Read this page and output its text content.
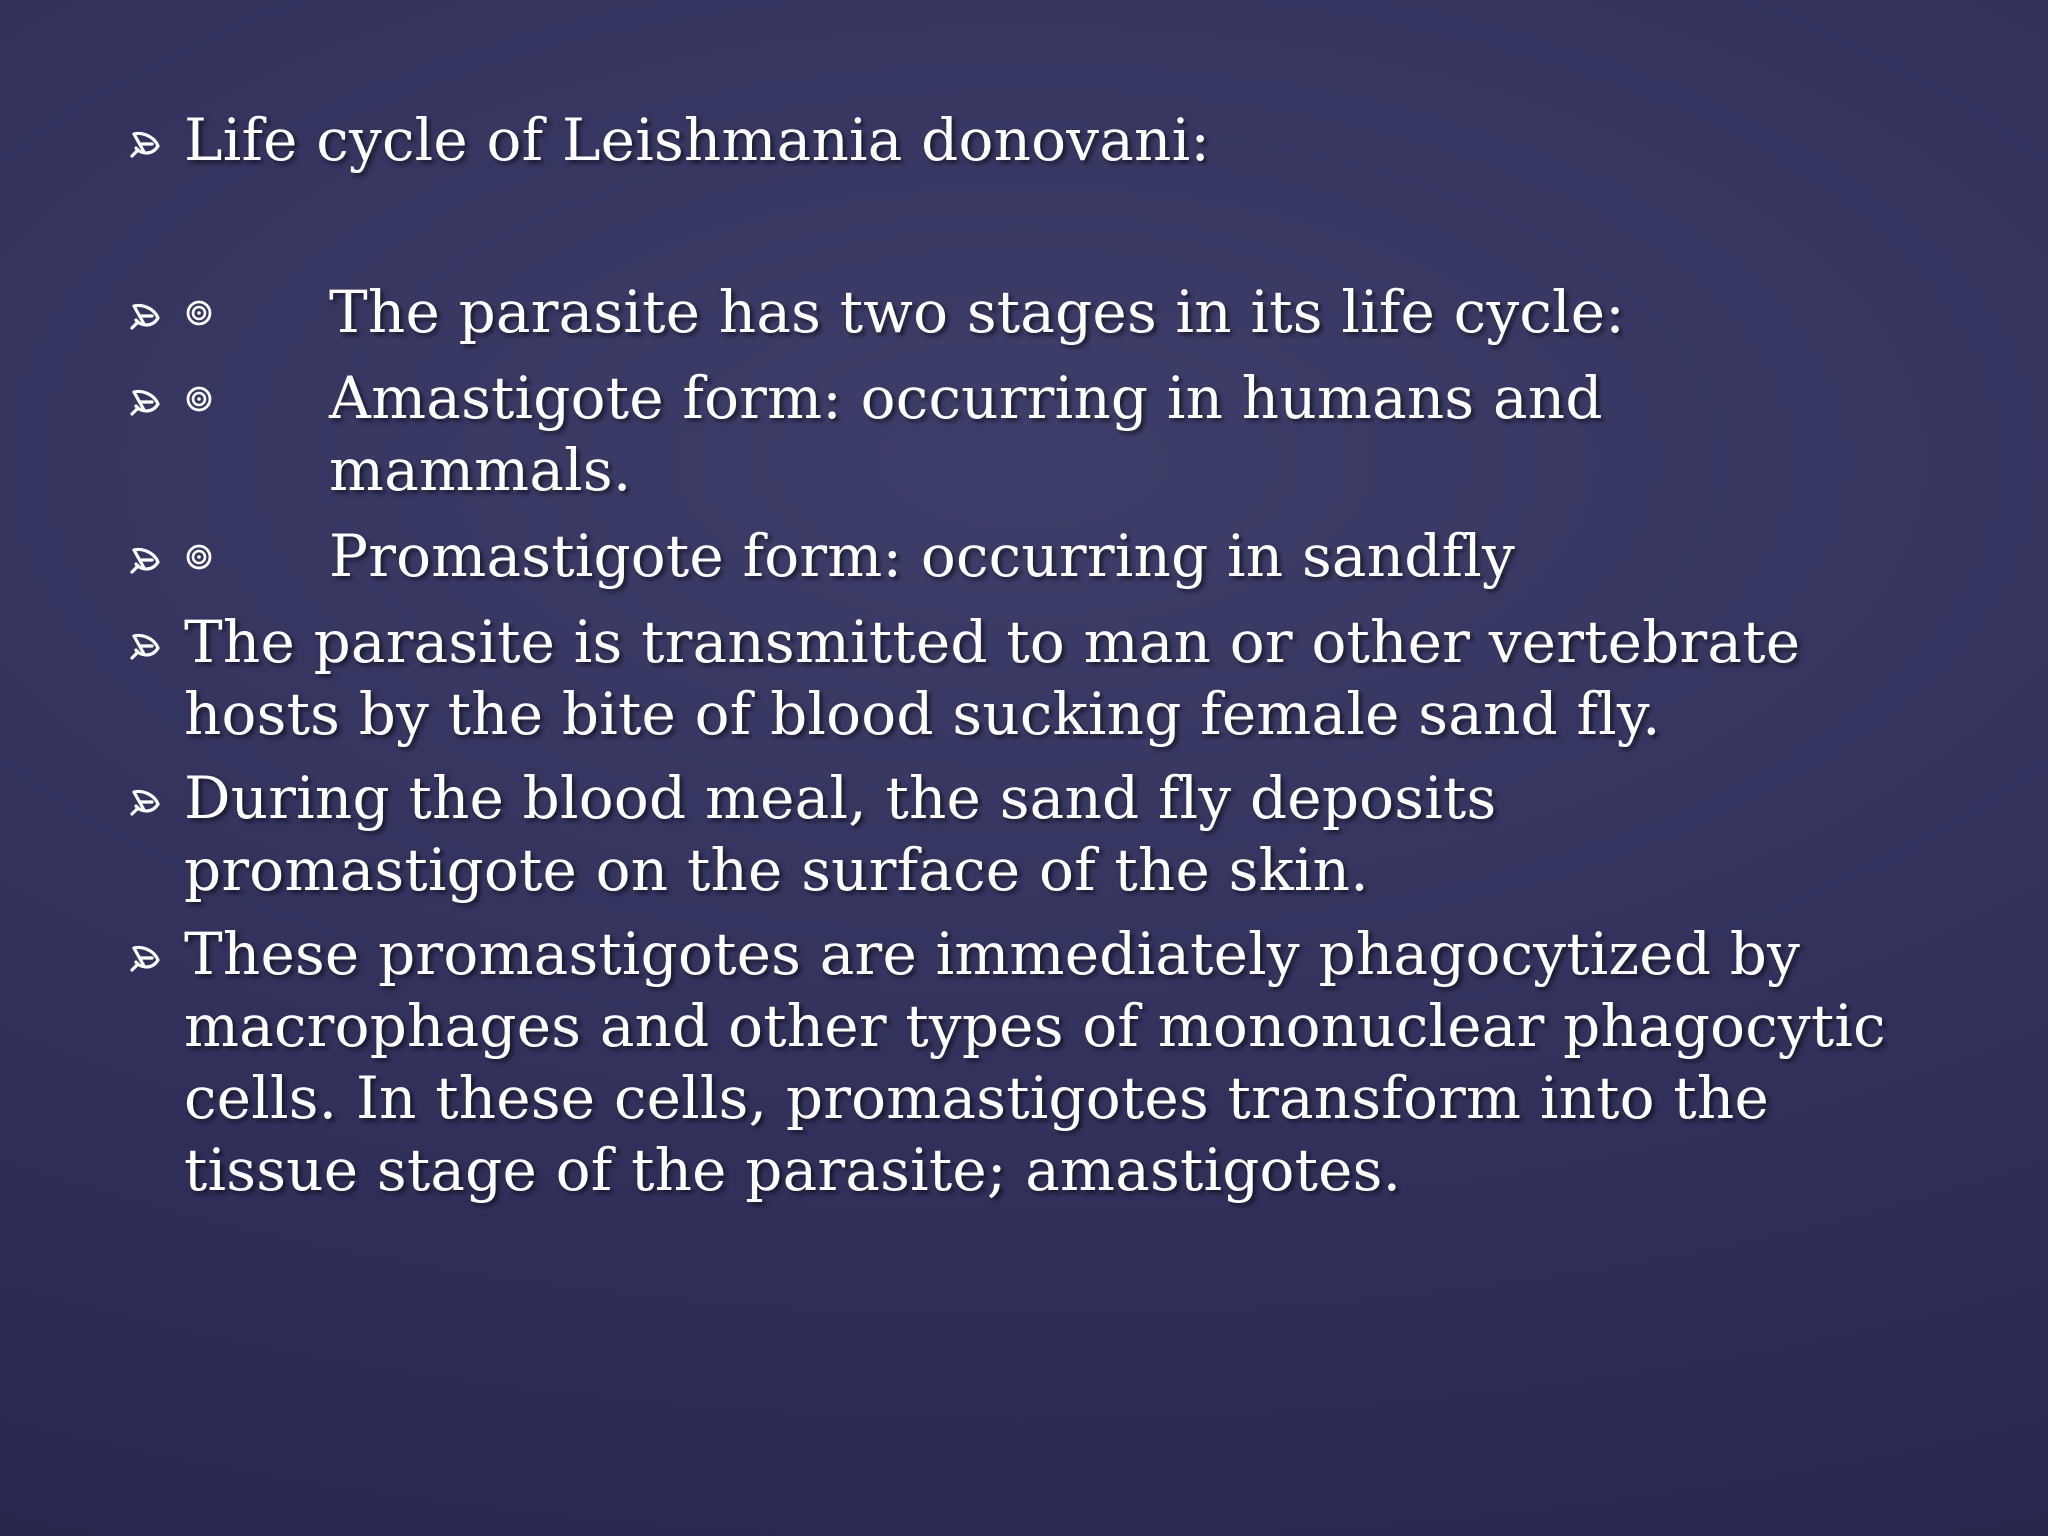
Life cycle of Leishmania donovani:
The parasite has two stages in its life cycle:
Amastigote form: occurring in humans and mammals.
Promastigote form: occurring in sandfly
The parasite is transmitted to man or other vertebrate hosts by the bite of blood sucking female sand fly.
During the blood meal, the sand fly deposits promastigote on the surface of the skin.
These promastigotes are immediately phagocytized by macrophages and other types of mononuclear phagocytic cells. In these cells, promastigotes transform into the tissue stage of the parasite; amastigotes.
